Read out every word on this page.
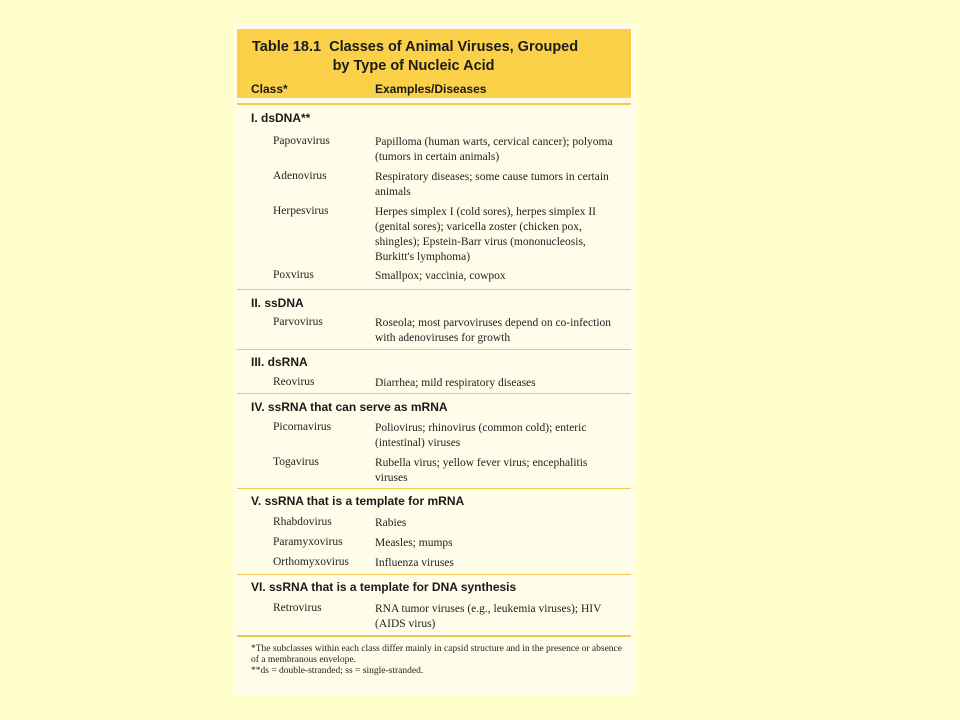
Table 18.1  Classes of Animal Viruses, Grouped
by Type of Nucleic Acid
Class*	Examples/Diseases
I. dsDNA**
Papovavirus	Papilloma (human warts, cervical cancer); polyoma (tumors in certain animals)
Adenovirus	Respiratory diseases; some cause tumors in certain animals
Herpesvirus	Herpes simplex I (cold sores), herpes simplex II (genital sores); varicella zoster (chicken pox, shingles); Epstein-Barr virus (mononucleosis, Burkitt's lymphoma)
Poxvirus	Smallpox; vaccinia, cowpox
II. ssDNA
Parvovirus	Roseola; most parvoviruses depend on co-infection with adenoviruses for growth
III. dsRNA
Reovirus	Diarrhea; mild respiratory diseases
IV. ssRNA that can serve as mRNA
Picornavirus	Poliovirus; rhinovirus (common cold); enteric (intestinal) viruses
Togavirus	Rubella virus; yellow fever virus; encephalitis viruses
V. ssRNA that is a template for mRNA
Rhabdovirus	Rabies
Paramyxovirus	Measles; mumps
Orthomyxovirus Influenza viruses
VI. ssRNA that is a template for DNA synthesis
Retrovirus	RNA tumor viruses (e.g., leukemia viruses); HIV (AIDS virus)
*The subclasses within each class differ mainly in capsid structure and in the presence or absence of a membranous envelope.
**ds = double-stranded; ss = single-stranded.
